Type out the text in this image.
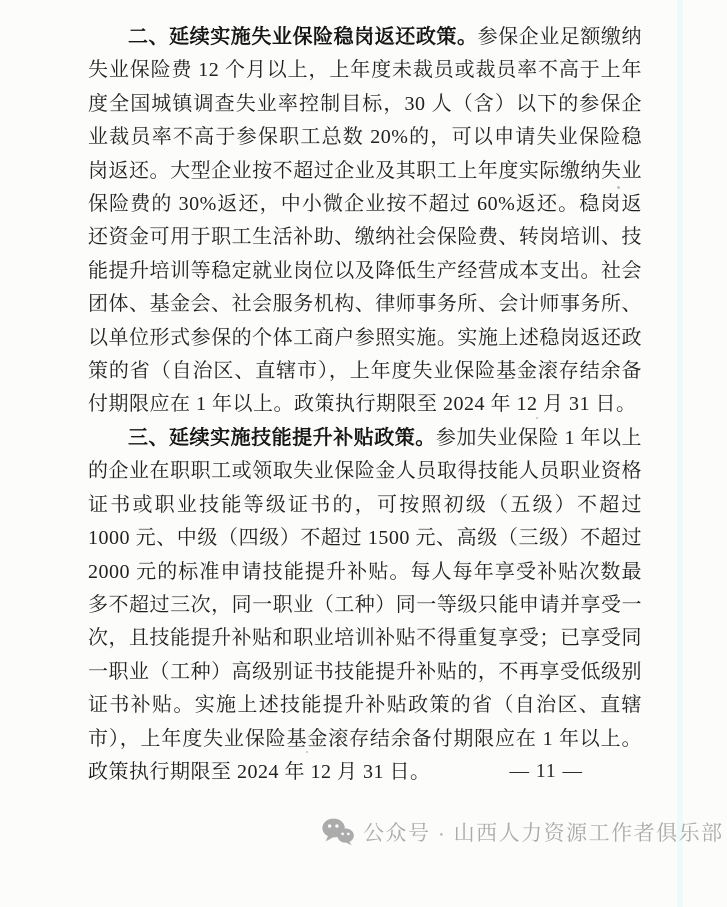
二、延续实施失业保险稳岗返还政策。参保企业足额缴纳失业保险费 12 个月以上，上年度未裁员或裁员率不高于上年度全国城镇调查失业率控制目标，30 人（含）以下的参保企业裁员率不高于参保职工总数 20%的，可以申请失业保险稳岗返还。大型企业按不超过企业及其职工上年度实际缴纳失业保险费的 30%返还，中小微企业按不超过 60%返还。稳岗返还资金可用于职工生活补助、缴纳社会保险费、转岗培训、技能提升培训等稳定就业岗位以及降低生产经营成本支出。社会团体、基金会、社会服务机构、律师事务所、会计师事务所、以单位形式参保的个体工商户参照实施。实施上述稳岗返还政策的省（自治区、直辖市），上年度失业保险基金滚存结余备付期限应在 1 年以上。政策执行期限至 2024 年 12 月 31 日。

三、延续实施技能提升补贴政策。参加失业保险 1 年以上的企业在职职工或领取失业保险金人员取得技能人员职业资格证书或职业技能等级证书的，可按照初级（五级）不超过 1000 元、中级（四级）不超过 1500 元、高级（三级）不超过 2000 元的标准申请技能提升补贴。每人每年享受补贴次数最多不超过三次，同一职业（工种）同一等级只能申请并享受一次，且技能提升补贴和职业培训补贴不得重复享受；已享受同一职业（工种）高级别证书技能提升补贴的，不再享受低级别证书补贴。实施上述技能提升补贴政策的省（自治区、直辖市），上年度失业保险基金滚存结余备付期限应在 1 年以上。政策执行期限至 2024 年 12 月 31 日。	— 11 —
公众号 · 山西人力资源工作者俱乐部
